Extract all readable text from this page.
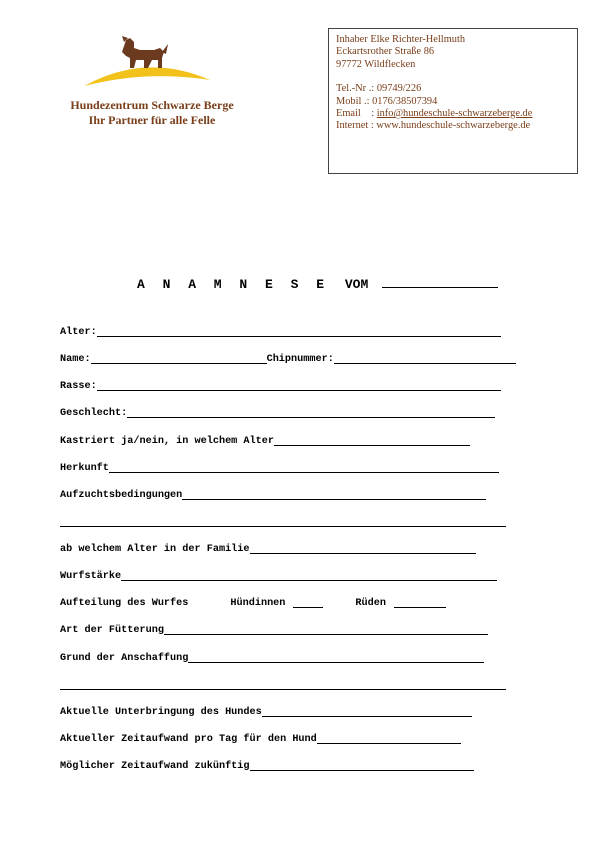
Hundezentrum Schwarze Berge
Ihr Partner für alle Felle
Inhaber Elke Richter-Hellmuth
Eckartsrother Straße 86
97772 Wildflecken
Tel.-Nr .: 09749/226
Mobil .: 0176/38507394
Email    : info@hundeschule-schwarzeberge.de
Internet : www.hundeschule-schwarzeberge.de
A N A M N E S E VOM
Alter:
Name:	Chipnummer:
Rasse:
Geschlecht:
Kastriert ja/nein, in welchem Alter
Herkunft
Aufzuchtsbedingungen
ab welchem Alter in der Familie
Wurfstärke
Aufteilung des Wurfes	Hündinnen	Rüden
Art der Fütterung
Grund der Anschaffung
Aktuelle Unterbringung des Hundes
Aktueller Zeitaufwand pro Tag für den Hund
Möglicher Zeitaufwand zukünftig
